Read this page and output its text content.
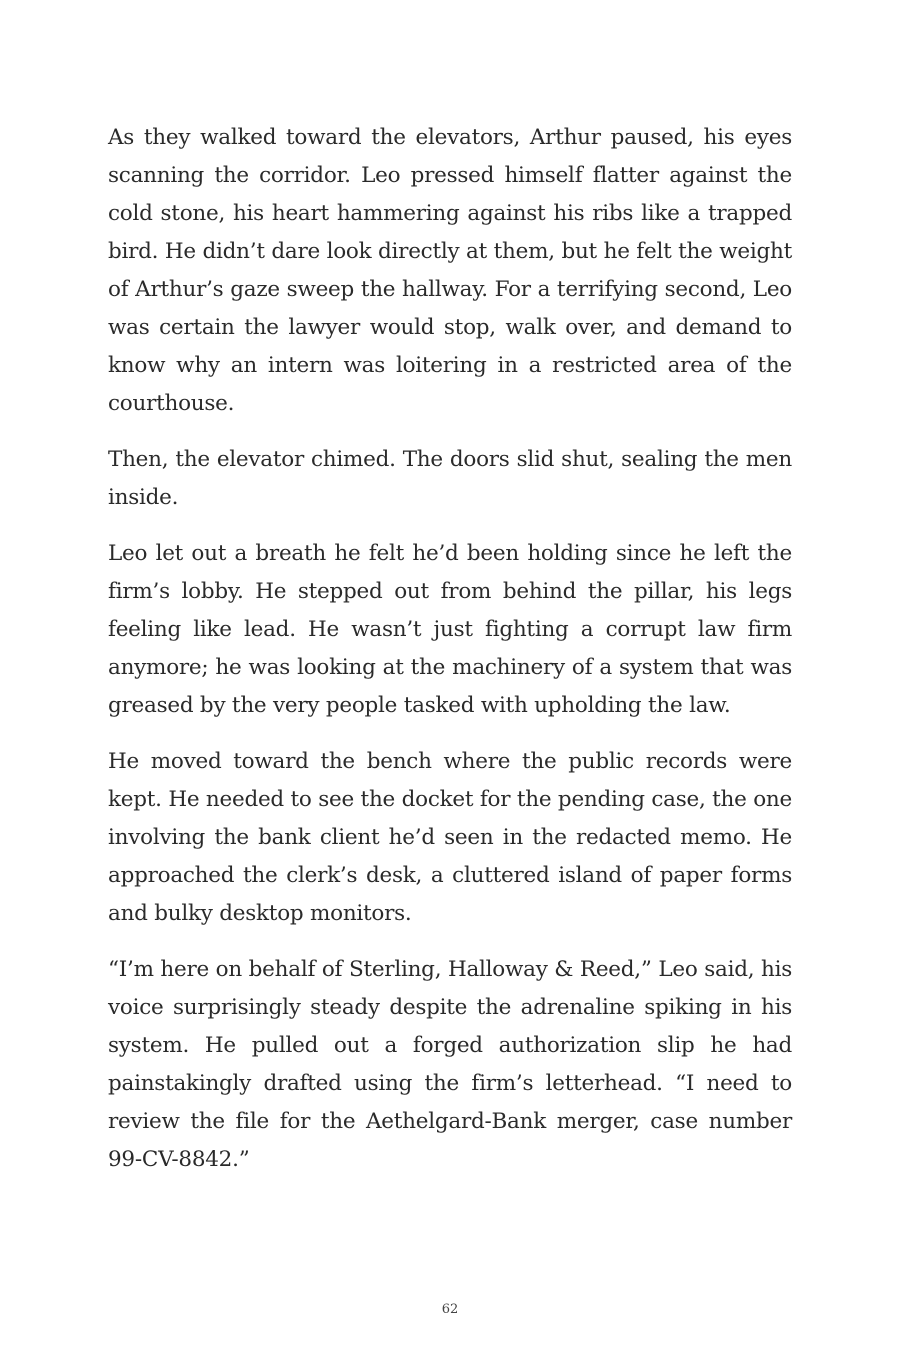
As they walked toward the elevators, Arthur paused, his eyes scanning the corridor. Leo pressed himself flatter against the cold stone, his heart hammering against his ribs like a trapped bird. He didn’t dare look directly at them, but he felt the weight of Arthur’s gaze sweep the hallway. For a terrifying second, Leo was certain the lawyer would stop, walk over, and demand to know why an intern was loitering in a restricted area of the courthouse.

Then, the elevator chimed. The doors slid shut, sealing the men inside.

Leo let out a breath he felt he’d been holding since he left the firm’s lobby. He stepped out from behind the pillar, his legs feeling like lead. He wasn’t just fighting a corrupt law firm anymore; he was looking at the machinery of a system that was greased by the very people tasked with upholding the law.

He moved toward the bench where the public records were kept. He needed to see the docket for the pending case, the one involving the bank client he’d seen in the redacted memo. He approached the clerk’s desk, a cluttered island of paper forms and bulky desktop monitors.

“I’m here on behalf of Sterling, Halloway & Reed,” Leo said, his voice surprisingly steady despite the adrenaline spiking in his system. He pulled out a forged authorization slip he had painstakingly drafted using the firm’s letterhead. “I need to review the file for the Aethelgard-Bank merger, case number 99-CV-8842.”

62
